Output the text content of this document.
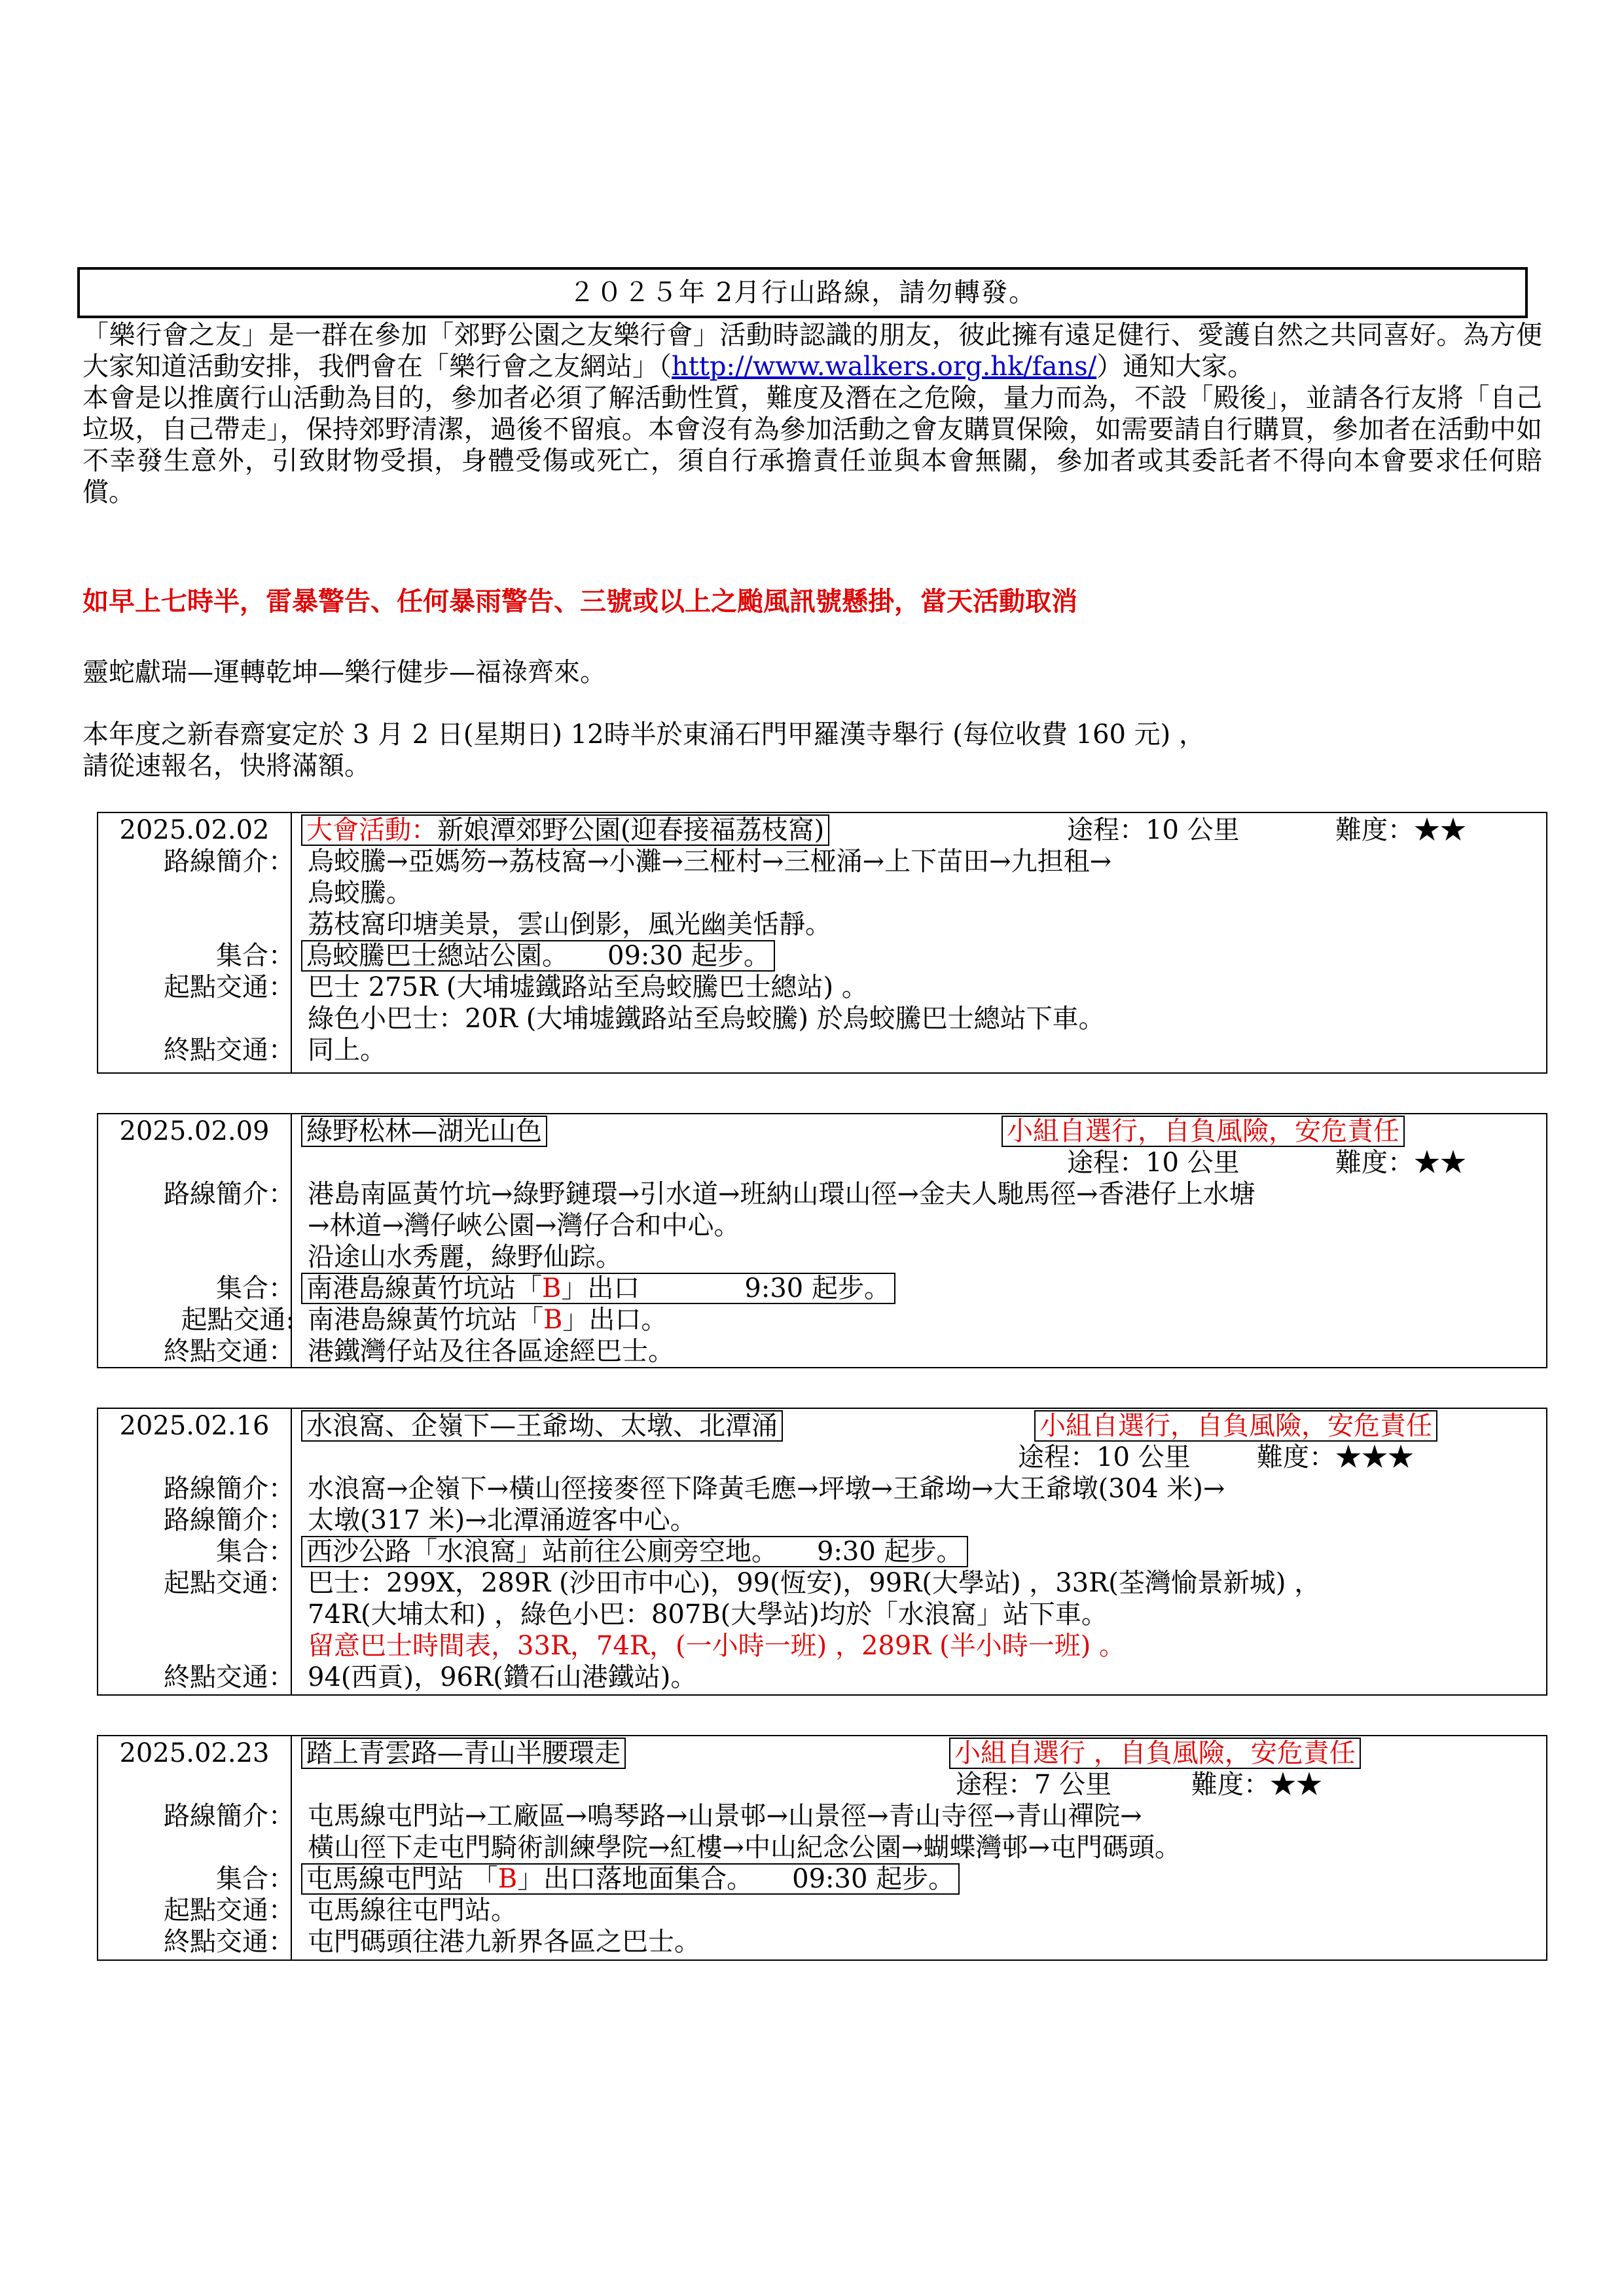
２０２５年 2月行山路線，請勿轉發。

「樂行會之友」是一群在參加「郊野公園之友樂行會」活動時認識的朋友，彼此擁有遠足健行、愛護自然之共同喜好。為方便大家知道活動安排，我們會在「樂行會之友網站」（http://www.walkers.org.hk/fans/）通知大家。

本會是以推廣行山活動為目的，參加者必須了解活動性質，難度及潛在之危險，量力而為，不設「殿後」，並請各行友將「自己垃圾，自己帶走」，保持郊野清潔，過後不留痕。本會沒有為參加活動之會友購買保險，如需要請自行購買，參加者在活動中如不幸發生意外，引致財物受損，身體受傷或死亡，須自行承擔責任並與本會無關，參加者或其委託者不得向本會要求任何賠償。

如早上七時半，雷暴警告、任何暴雨警告、三號或以上之颱風訊號懸掛，當天活動取消
靈蛇獻瑞—運轉乾坤—樂行健步—福祿齊來。
本年度之新春齋宴定於 3 月 2 日(星期日) 12時半於東涌石門甲羅漢寺舉行 (每位收費 160 元) ，
請從速報名，快將滿額。
2025.02.02	大會活動：新娘潭郊野公園(迎春接福荔枝窩)	途程：10 公里	難度：★★
路線簡介： 烏蛟騰→亞媽笏→荔枝窩→小灘→三桠村→三桠涌→上下苗田→九担租→
烏蛟騰。
荔枝窩印塘美景，雲山倒影，風光幽美恬靜。
集合： 烏蛟騰巴士總站公園。　　09:30 起步。
起點交通： 巴士 275R (大埔墟鐵路站至烏蛟騰巴士總站) 。
綠色小巴士：20R (大埔墟鐵路站至烏蛟騰) 於烏蛟騰巴士總站下車。
終點交通： 同上。
2025.02.09	綠野松林—湖光山色	小組自選行，自負風險，安危責任
途程：10 公里	難度：★★
路線簡介： 港島南區黃竹坑→綠野鏈環→引水道→班納山環山徑→金夫人馳馬徑→香港仔上水塘
→林道→灣仔峽公園→灣仔合和中心。
沿途山水秀麗，綠野仙踪。
集合： 南港島線黃竹坑站「B」出口　　　　9:30 起步。
起點交通: 南港島線黃竹坑站「B」出口。
終點交通： 港鐵灣仔站及往各區途經巴士。
2025.02.16	水浪窩、企嶺下—王爺坳、太墩、北潭涌	小組自選行，自負風險，安危責任
途程：10 公里	難度：★★★
路線簡介： 水浪窩→企嶺下→橫山徑接麥徑下降黃毛應→坪墩→王爺坳→大王爺墩(304 米)→
路線簡介： 太墩(317 米)→北潭涌遊客中心。
集合： 西沙公路「水浪窩」站前往公廁旁空地。　　9:30 起步。
起點交通： 巴士：299X，289R (沙田市中心)，99(恆安)，99R(大學站) ，33R(荃灣愉景新城) ，
74R(大埔太和) ，綠色小巴：807B(大學站)均於「水浪窩」站下車。
留意巴士時間表，33R，74R，(一小時一班) ，289R (半小時一班) 。
終點交通： 94(西貢)，96R(鑽石山港鐵站)。
2025.02.23	踏上青雲路—青山半腰環走	小組自選行 ，自負風險，安危責任
途程：7 公里	難度：★★
路線簡介： 屯馬線屯門站→工廠區→鳴琴路→山景邨→山景徑→青山寺徑→青山禪院→
橫山徑下走屯門騎術訓練學院→紅樓→中山紀念公園→蝴蝶灣邨→屯門碼頭。
集合： 屯馬線屯門站 「B」出口落地面集合。　　09:30 起步。
起點交通： 屯馬線往屯門站。
終點交通： 屯門碼頭往港九新界各區之巴士。
